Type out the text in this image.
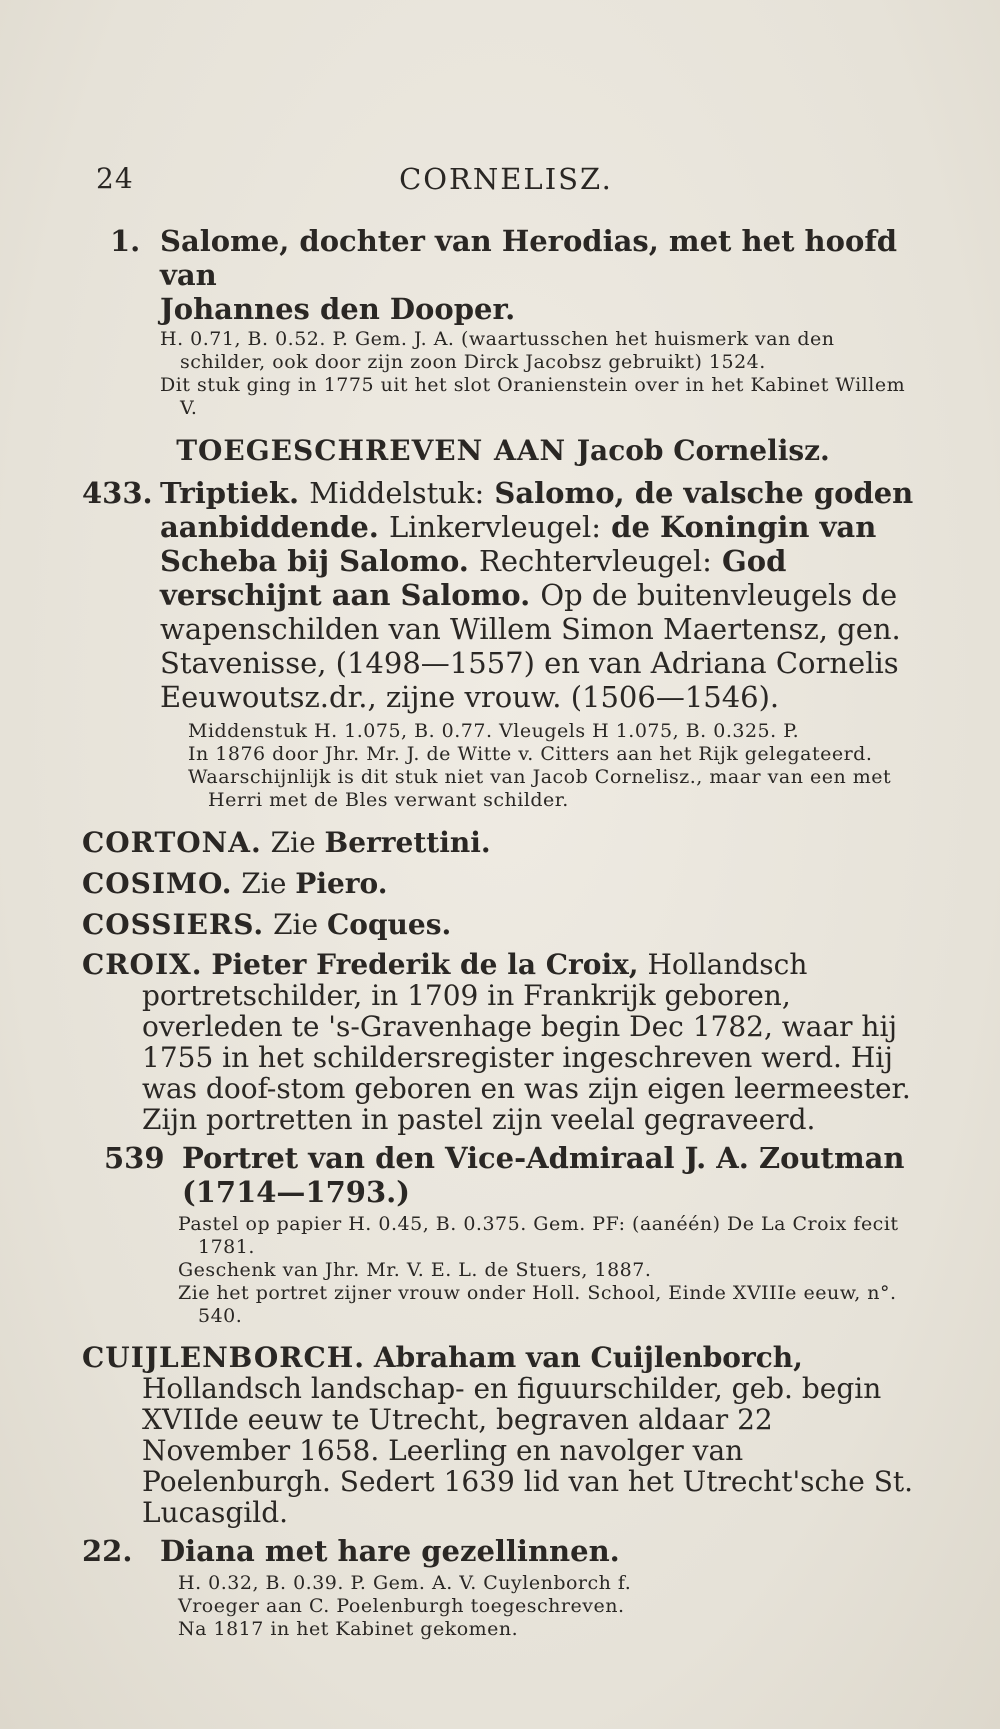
24	CORNELISZ.

1. Salome, dochter van Herodias, met het hoofd van
Johannes den Dooper.

H. 0.71, B. 0.52. P. Gem. J. A. (waartusschen het huismerk van den schilder, ook door zijn zoon Dirck Jacobsz gebruikt) 1524.

Dit stuk ging in 1775 uit het slot Oranienstein over in het Kabinet Willem V.

TOEGESCHREVEN AAN Jacob Cornelisz.

433. Triptiek. Middelstuk: Salomo, de valsche goden aanbiddende. Linkervleugel: de Koningin van Scheba bij Salomo. Rechtervleugel: God verschijnt aan Salomo. Op de buitenvleugels de wapenschilden van Willem Simon Maertensz, gen. Stavenisse, (1498—1557) en van Adriana Cornelis Eeuwoutsz.dr., zijne vrouw. (1506—1546).

Middenstuk H. 1.075, B. 0.77. Vleugels H 1.075, B. 0.325. P.

In 1876 door Jhr. Mr. J. de Witte v. Citters aan het Rijk gelegateerd.

Waarschijnlijk is dit stuk niet van Jacob Cornelisz., maar van een met Herri met de Bles verwant schilder.

CORTONA. Zie Berrettini.

COSIMO. Zie Piero.

COSSIERS. Zie Coques.

CROIX. Pieter Frederik de la Croix, Hollandsch portretschilder, in 1709 in Frankrijk geboren, overleden te 's-Gravenhage begin Dec 1782, waar hij 1755 in het schildersregister ingeschreven werd. Hij was doof-stom geboren en was zijn eigen leermeester. Zijn portretten in pastel zijn veelal gegraveerd.

539 Portret van den Vice-Admiraal J. A. Zoutman (1714—1793.)

Pastel op papier H. 0.45, B. 0.375. Gem. PF: (aanéén) De La Croix fecit 1781.

Geschenk van Jhr. Mr. V. E. L. de Stuers, 1887.

Zie het portret zijner vrouw onder Holl. School, Einde XVIIIe eeuw, n°. 540.

CUIJLENBORCH. Abraham van Cuijlenborch, Hollandsch landschap- en figuurschilder, geb. begin XVIIde eeuw te Utrecht, begraven aldaar 22 November 1658. Leerling en navolger van Poelenburgh. Sedert 1639 lid van het Utrecht'sche St. Lucasgild.

22. Diana met hare gezellinnen.

H. 0.32, B. 0.39. P. Gem. A. V. Cuylenborch f.

Vroeger aan C. Poelenburgh toegeschreven.

Na 1817 in het Kabinet gekomen.
